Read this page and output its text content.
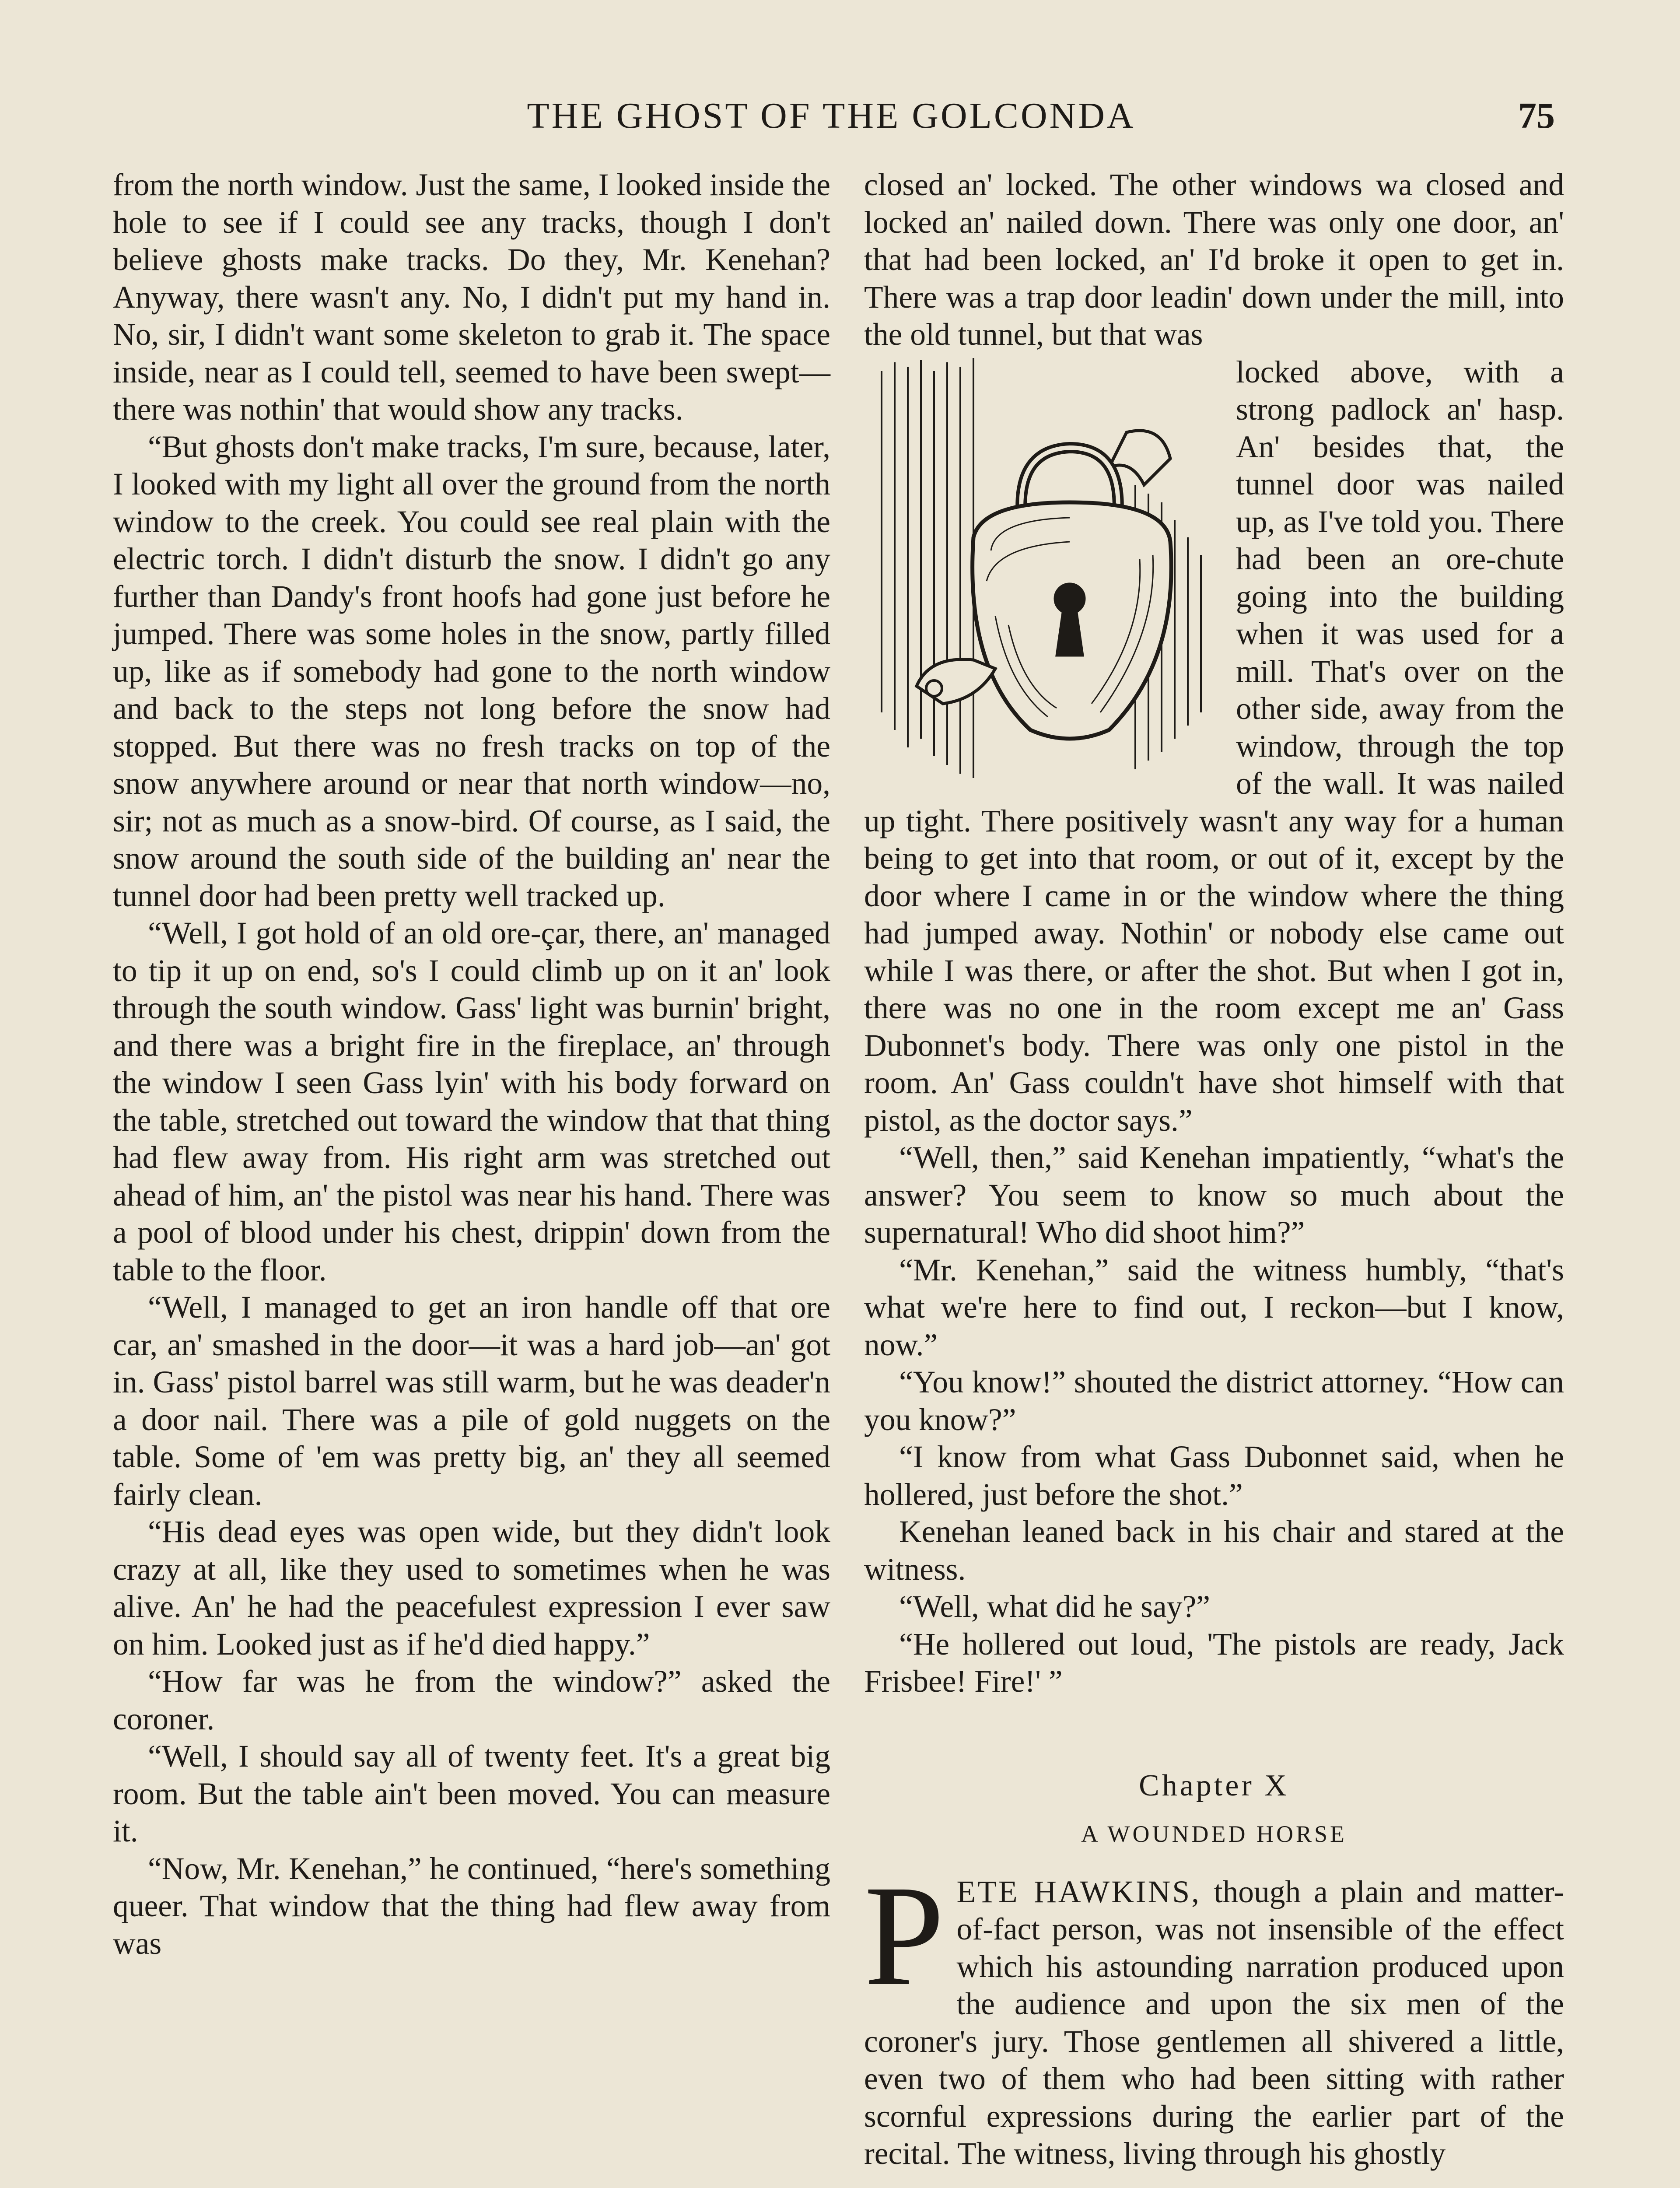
THE GHOST OF THE GOLCONDA	75

from the north window. Just the same, I looked inside the hole to see if I could see any tracks, though I don't believe ghosts make tracks. Do they, Mr. Kenehan? Anyway, there wasn't any. No, I didn't put my hand in. No, sir, I didn't want some skeleton to grab it. The space inside, near as I could tell, seemed to have been swept—there was nothin' that would show any tracks.

“But ghosts don't make tracks, I'm sure, because, later, I looked with my light all over the ground from the north window to the creek. You could see real plain with the electric torch. I didn't disturb the snow. I didn't go any further than Dandy's front hoofs had gone just before he jumped. There was some holes in the snow, partly filled up, like as if somebody had gone to the north window and back to the steps not long before the snow had stopped. But there was no fresh tracks on top of the snow anywhere around or near that north window—no, sir; not as much as a snow-bird. Of course, as I said, the snow around the south side of the building an' near the tunnel door had been pretty well tracked up.

“Well, I got hold of an old ore-çar, there, an' managed to tip it up on end, so's I could climb up on it an' look through the south window. Gass' light was burnin' bright, and there was a bright fire in the fireplace, an' through the window I seen Gass lyin' with his body forward on the table, stretched out toward the window that that thing had flew away from. His right arm was stretched out ahead of him, an' the pistol was near his hand. There was a pool of blood under his chest, drippin' down from the table to the floor.

“Well, I managed to get an iron handle off that ore car, an' smashed in the door—it was a hard job—an' got in. Gass' pistol barrel was still warm, but he was deader'n a door nail. There was a pile of gold nuggets on the table. Some of 'em was pretty big, an' they all seemed fairly clean.

“His dead eyes was open wide, but they didn't look crazy at all, like they used to sometimes when he was alive. An' he had the peacefulest expression I ever saw on him. Looked just as if he'd died happy.”

“How far was he from the window?” asked the coroner.

“Well, I should say all of twenty feet. It's a great big room. But the table ain't been moved. You can measure it.

“Now, Mr. Kenehan,” he continued, “here's something queer. That window that the thing had flew away from was

closed an' locked. The other windows wa closed and locked an' nailed down. There was only one door, an' that had been locked, an' I'd broke it open to get in. There was a trap door leadin' down under the mill, into the old tunnel, but that was

locked above, with a strong padlock an' hasp. An' besides that, the tunnel door was nailed up, as I've told you. There had been an ore-chute going into the building when it was used for a mill. That's over on the other side, away from the window, through the top of the wall. It was nailed up tight. There positively wasn't any way for a human being to get into that room, or out of it, except by the door where I came in or the window where the thing had jumped away. Nothin' or nobody else came out while I was there, or after the shot. But when I got in, there was no one in the room except me an' Gass Dubonnet's body. There was only one pistol in the room. An' Gass couldn't have shot himself with that pistol, as the doctor says.”

“Well, then,” said Kenehan impatiently, “what's the answer? You seem to know so much about the supernatural! Who did shoot him?”

“Mr. Kenehan,” said the witness humbly, “that's what we're here to find out, I reckon—but I know, now.”

“You know!” shouted the district attorney. “How can you know?”

“I know from what Gass Dubonnet said, when he hollered, just before the shot.”

Kenehan leaned back in his chair and stared at the witness.

“Well, what did he say?”

“He hollered out loud, 'The pistols are ready, Jack Frisbee! Fire!' ”

Chapter X
A WOUNDED HORSE

PETE HAWKINS, though a plain and matter-of-fact person, was not insensible of the effect which his astounding narration produced upon the audience and upon the six men of the coroner's jury. Those gentlemen all shivered a little, even two of them who had been sitting with rather scornful expressions during the earlier part of the recital. The witness, living through his ghostly
